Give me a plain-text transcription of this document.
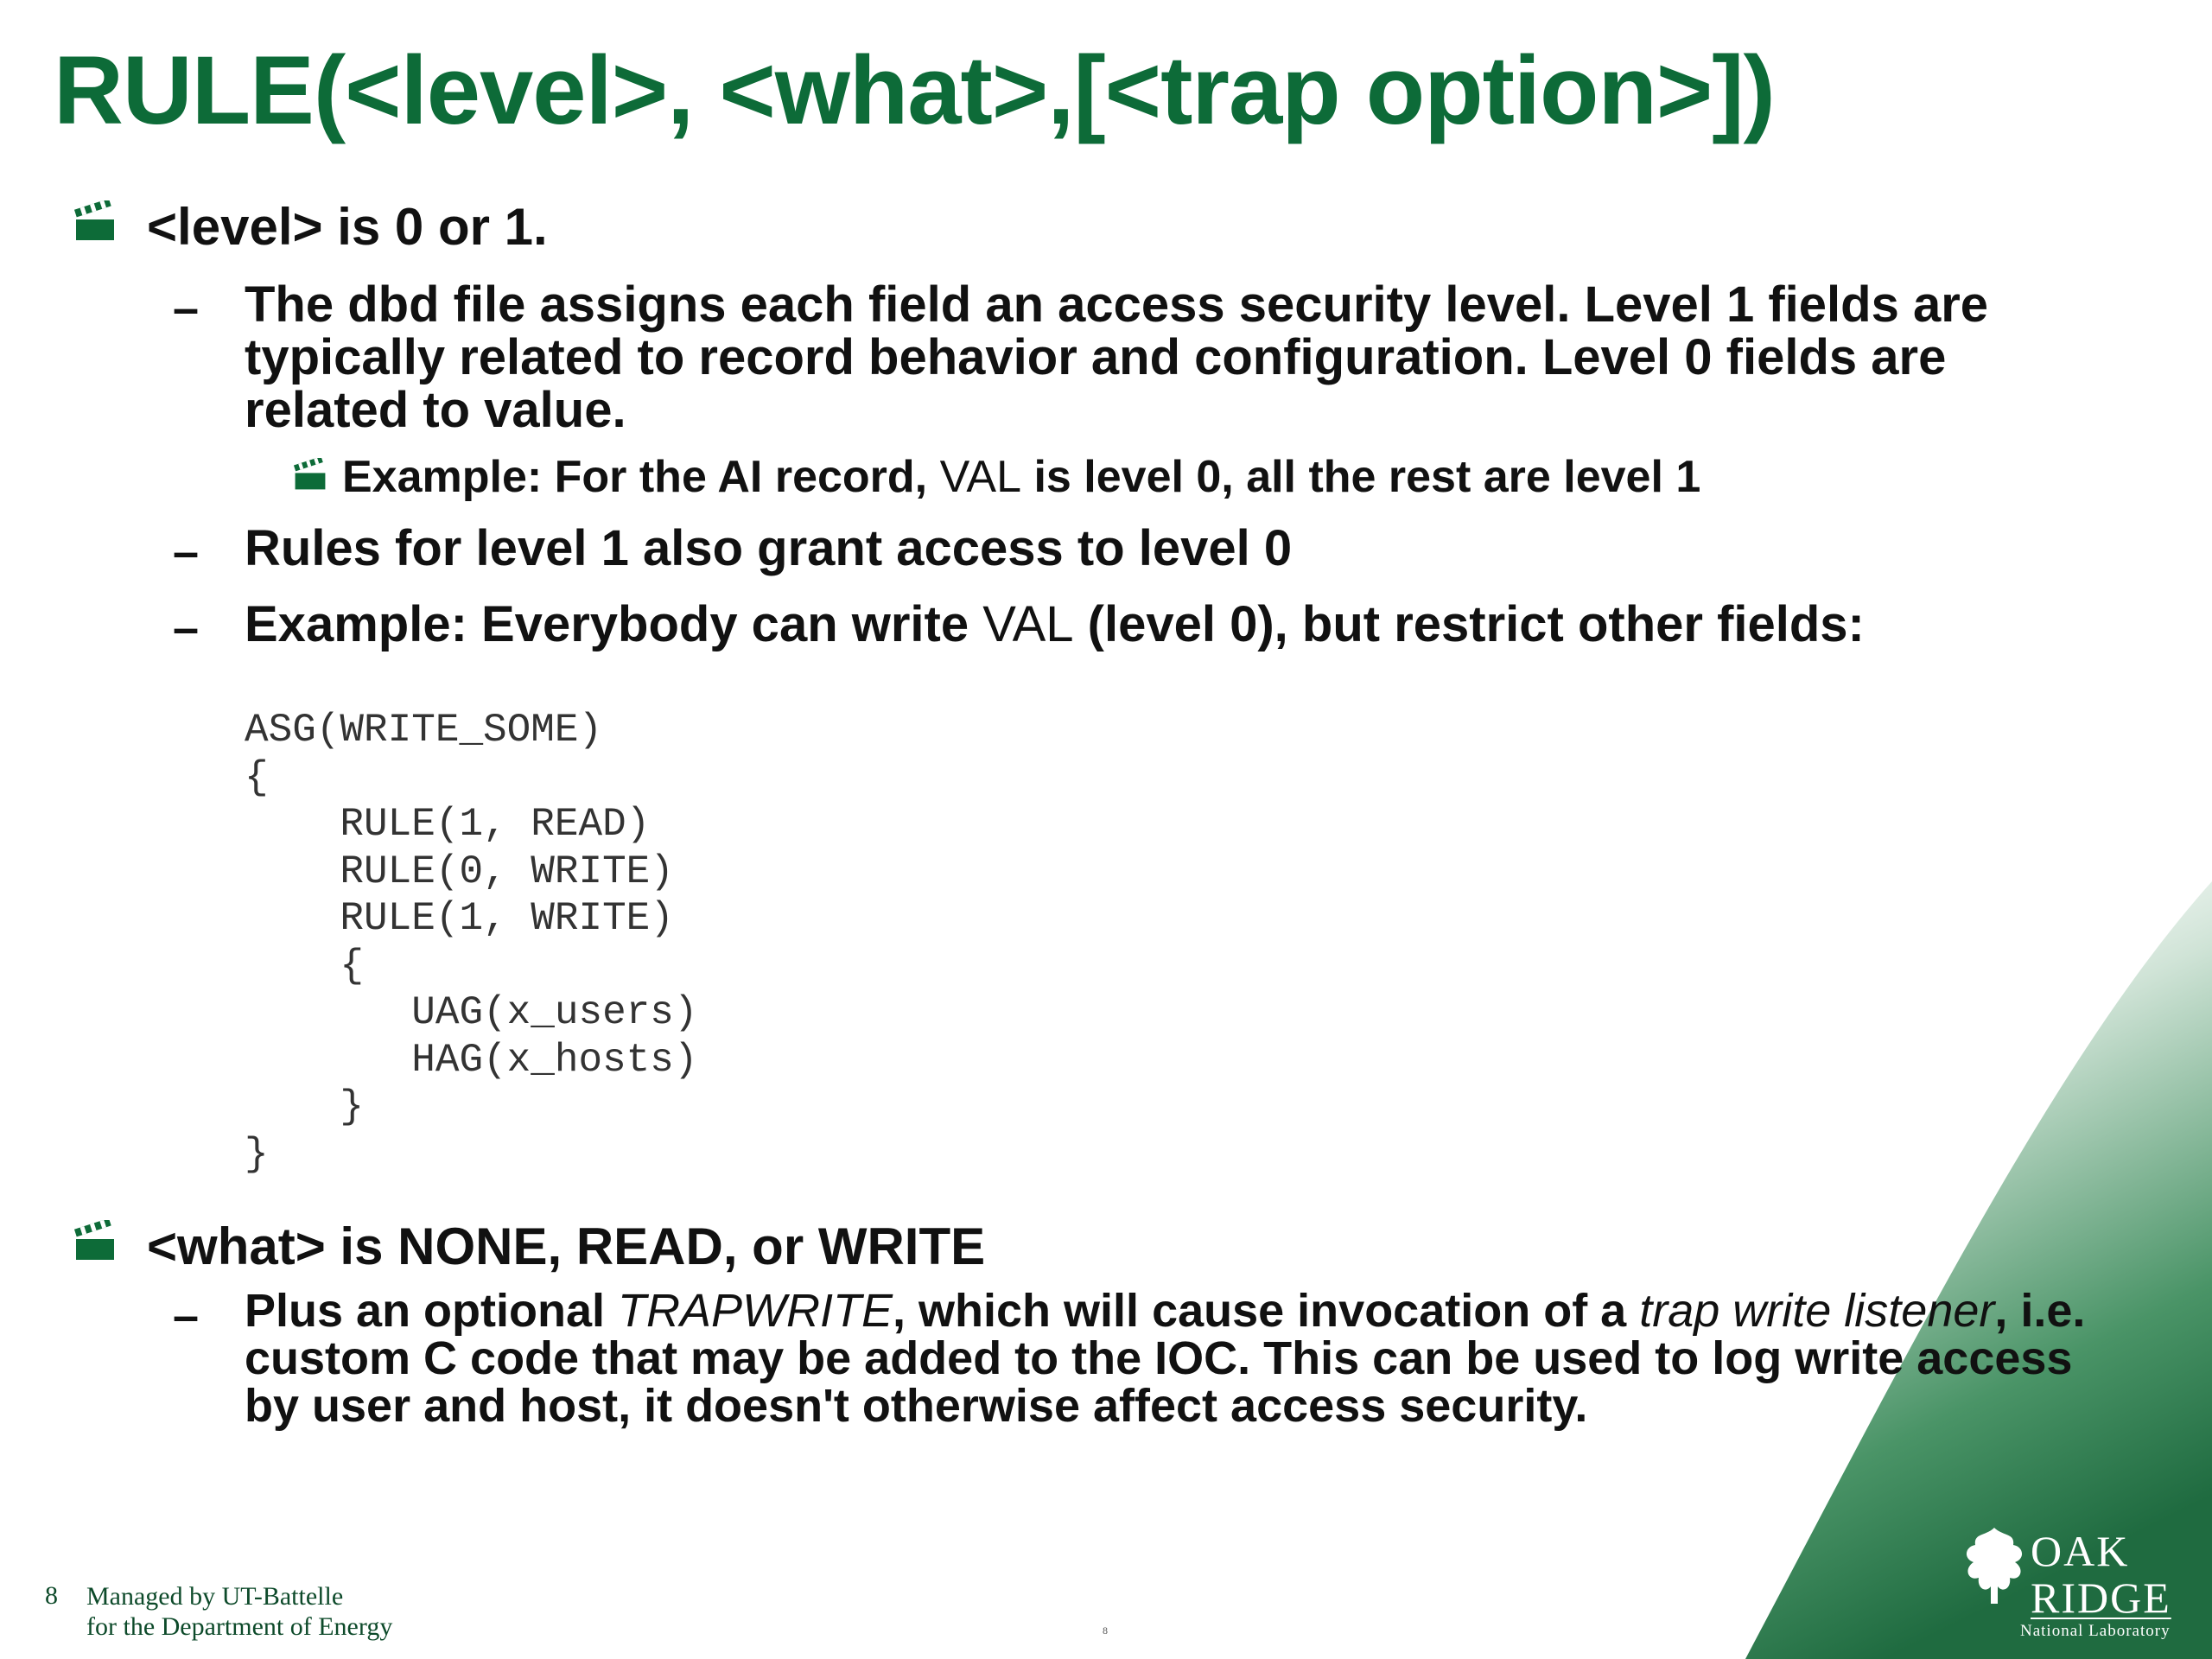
RULE(<level>, <what>,[<trap option>])
<level> is 0 or 1.
– The dbd file assigns each field an access security level. Level 1 fields are typically related to record behavior and configuration. Level 0 fields are related to value.
Example: For the AI record, VAL is level 0, all the rest are level 1
– Rules for level 1 also grant access to level 0
– Example: Everybody can write VAL (level 0), but restrict other fields:
ASG(WRITE_SOME)
{
RULE(1, READ)
RULE(0, WRITE)
RULE(1, WRITE)
{
UAG(x_users)
HAG(x_hosts)
}
}
<what> is NONE, READ, or WRITE
– Plus an optional TRAPWRITE, which will cause invocation of a trap write listener, i.e. custom C code that may be added to the IOC. This can be used to log write access by user and host, it doesn't otherwise affect access security.
8 Managed by UT-Battelle
for the Department of Energy	8
OAK
RIDGE
National Laboratory
